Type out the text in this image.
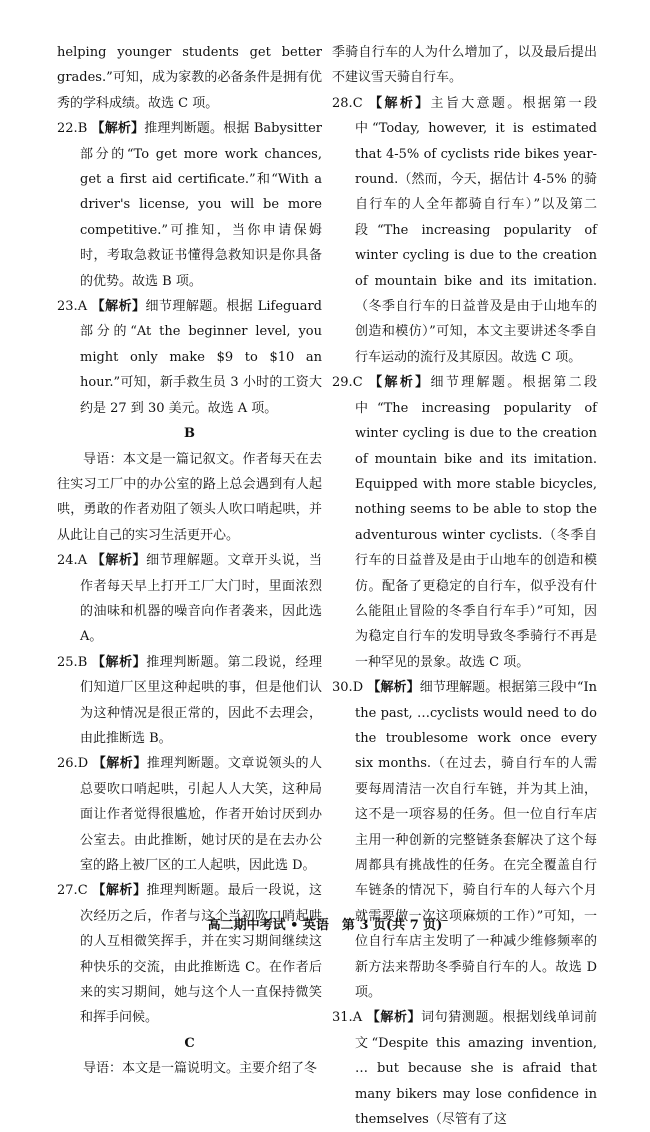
helping younger students get better grades.”可知，成为家教的必备条件是拥有优秀的学科成绩。故选 C 项。

22.B 【解析】推理判断题。根据 Babysitter 部分的“To get more work chances, get a first aid certificate.”和“With a driver's license, you will be more competitive.”可推知，当你申请保姆时，考取急救证书懂得急救知识是你具备的优势。故选 B 项。

23.A 【解析】细节理解题。根据 Lifeguard 部分的“At the beginner level, you might only make $9 to $10 an hour.”可知，新手救生员 3 小时的工资大约是 27 到 30 美元。故选 A 项。

B

导语：本文是一篇记叙文。作者每天在去往实习工厂中的办公室的路上总会遇到有人起哄，勇敢的作者劝阻了领头人吹口哨起哄，并从此让自己的实习生活更开心。

24.A 【解析】细节理解题。文章开头说，当作者每天早上打开工厂大门时，里面浓烈的油味和机器的噪音向作者袭来，因此选 A。

25.B 【解析】推理判断题。第二段说，经理们知道厂区里这种起哄的事，但是他们认为这种情况是很正常的，因此不去理会，由此推断选 B。

26.D 【解析】推理判断题。文章说领头的人总要吹口哨起哄，引起人人大笑，这种局面让作者觉得很尴尬，作者开始讨厌到办公室去。由此推断，她讨厌的是在去办公室的路上被厂区的工人起哄，因此选 D。

27.C 【解析】推理判断题。最后一段说，这次经历之后，作者与这个当初吹口哨起哄的人互相微笑挥手，并在实习期间继续这种快乐的交流，由此推断选 C。在作者后来的实习期间，她与这个人一直保持微笑和挥手问候。

C

导语：本文是一篇说明文。主要介绍了冬

季骑自行车的人为什么增加了，以及最后提出不建议雪天骑自行车。

28.C 【解析】主旨大意题。根据第一段中“Today, however, it is estimated that 4-5% of cyclists ride bikes year-round.（然而，今天，据估计 4-5% 的骑自行车的人全年都骑自行车）”以及第二段“The increasing popularity of winter cycling is due to the creation of mountain bike and its imitation.（冬季自行车的日益普及是由于山地车的创造和模仿）”可知，本文主要讲述冬季自行车运动的流行及其原因。故选 C 项。

29.C 【解析】细节理解题。根据第二段中“The increasing popularity of winter cycling is due to the creation of mountain bike and its imitation. Equipped with more stable bicycles, nothing seems to be able to stop the adventurous winter cyclists.（冬季自行车的日益普及是由于山地车的创造和模仿。配备了更稳定的自行车，似乎没有什么能阻止冒险的冬季自行车手）”可知，因为稳定自行车的发明导致冬季骑行不再是一种罕见的景象。故选 C 项。

30.D 【解析】细节理解题。根据第三段中“In the past, …cyclists would need to do the troublesome work once every six months.（在过去，骑自行车的人需要每周清洁一次自行车链，并为其上油，这不是一项容易的任务。但一位自行车店主用一种创新的完整链条套解决了这个每周都具有挑战性的任务。在完全覆盖自行车链条的情况下，骑自行车的人每六个月就需要做一次这项麻烦的工作）”可知，一位自行车店主发明了一种减少维修频率的新方法来帮助冬季骑自行车的人。故选 D 项。

31.A 【解析】词句猜测题。根据划线单词前文“Despite this amazing invention, … but because she is afraid that many bikers may lose confidence in themselves（尽管有了这

高二期中考试 • 英语　第 3 页(共 7 页)
